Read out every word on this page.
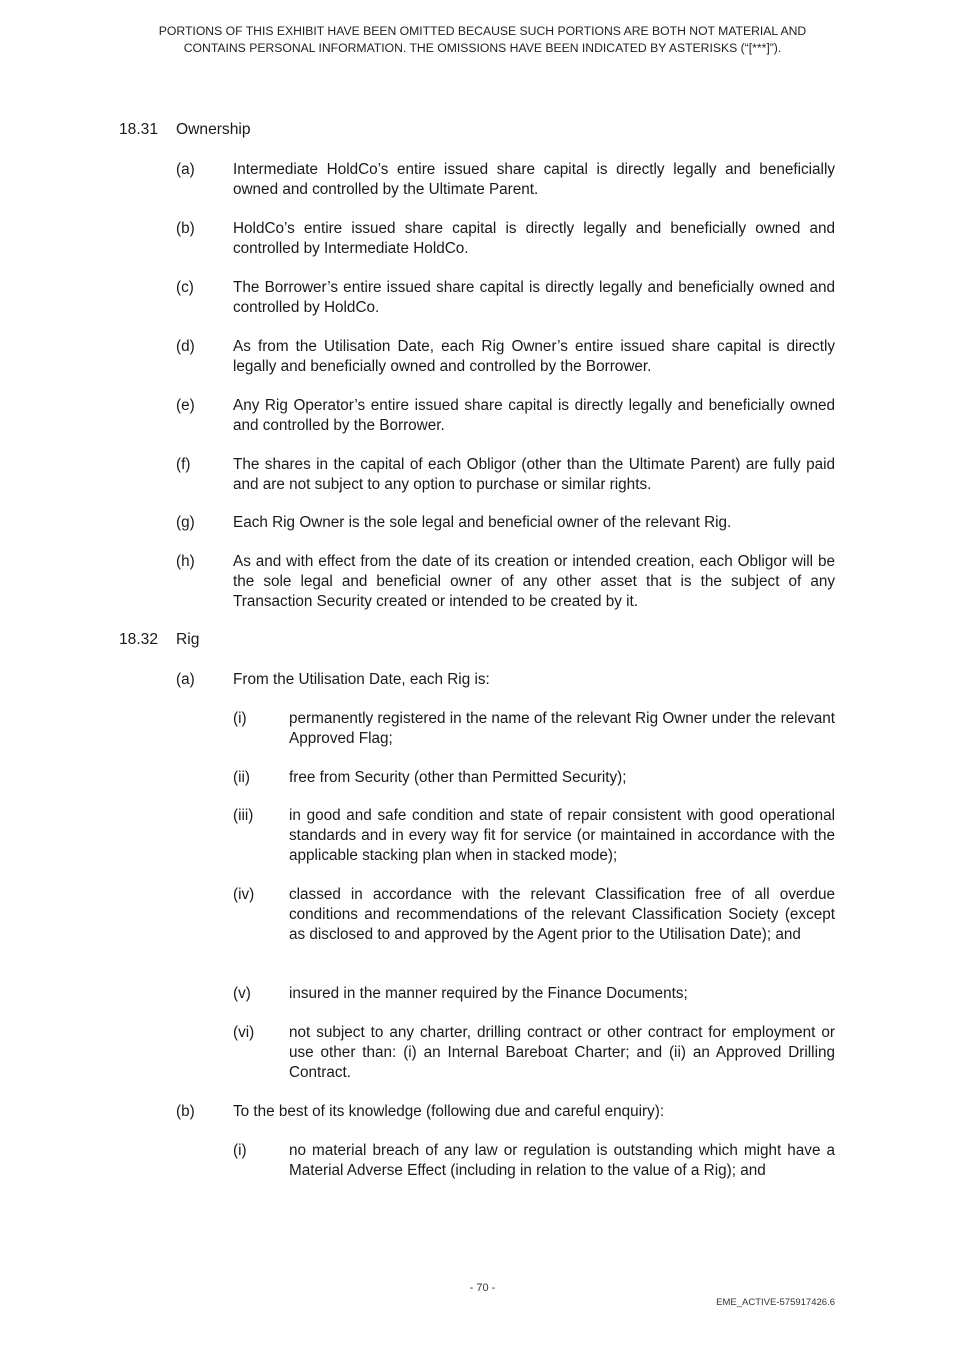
PORTIONS OF THIS EXHIBIT HAVE BEEN OMITTED BECAUSE SUCH PORTIONS ARE BOTH NOT MATERIAL AND
CONTAINS PERSONAL INFORMATION. THE OMISSIONS HAVE BEEN INDICATED BY ASTERISKS (“[***]”).
18.31	Ownership
(a)	Intermediate HoldCo’s entire issued share capital is directly legally and beneficially owned and controlled by the Ultimate Parent.
(b)	HoldCo’s entire issued share capital is directly legally and beneficially owned and controlled by Intermediate HoldCo.
(c)	The Borrower’s entire issued share capital is directly legally and beneficially owned and controlled by HoldCo.
(d)	As from the Utilisation Date, each Rig Owner’s entire issued share capital is directly legally and beneficially owned and controlled by the Borrower.
(e)	Any Rig Operator’s entire issued share capital is directly legally and beneficially owned and controlled by the Borrower.
(f)	The shares in the capital of each Obligor (other than the Ultimate Parent) are fully paid and are not subject to any option to purchase or similar rights.
(g)	Each Rig Owner is the sole legal and beneficial owner of the relevant Rig.
(h)	As and with effect from the date of its creation or intended creation, each Obligor will be the sole legal and beneficial owner of any other asset that is the subject of any Transaction Security created or intended to be created by it.
18.32	Rig
(a)	From the Utilisation Date, each Rig is:
(i)	permanently registered in the name of the relevant Rig Owner under the relevant Approved Flag;
(ii)	free from Security (other than Permitted Security);
(iii)	in good and safe condition and state of repair consistent with good operational standards and in every way fit for service (or maintained in accordance with the applicable stacking plan when in stacked mode);
(iv)	classed in accordance with the relevant Classification free of all overdue conditions and recommendations of the relevant Classification Society (except as disclosed to and approved by the Agent prior to the Utilisation Date); and
(v)	insured in the manner required by the Finance Documents;
(vi)	not subject to any charter, drilling contract or other contract for employment or use other than: (i) an Internal Bareboat Charter; and (ii) an Approved Drilling Contract.
(b)	To the best of its knowledge (following due and careful enquiry):
(i)	no material breach of any law or regulation is outstanding which might have a Material Adverse Effect (including in relation to the value of a Rig); and
- 70 -
EME_ACTIVE-575917426.6
